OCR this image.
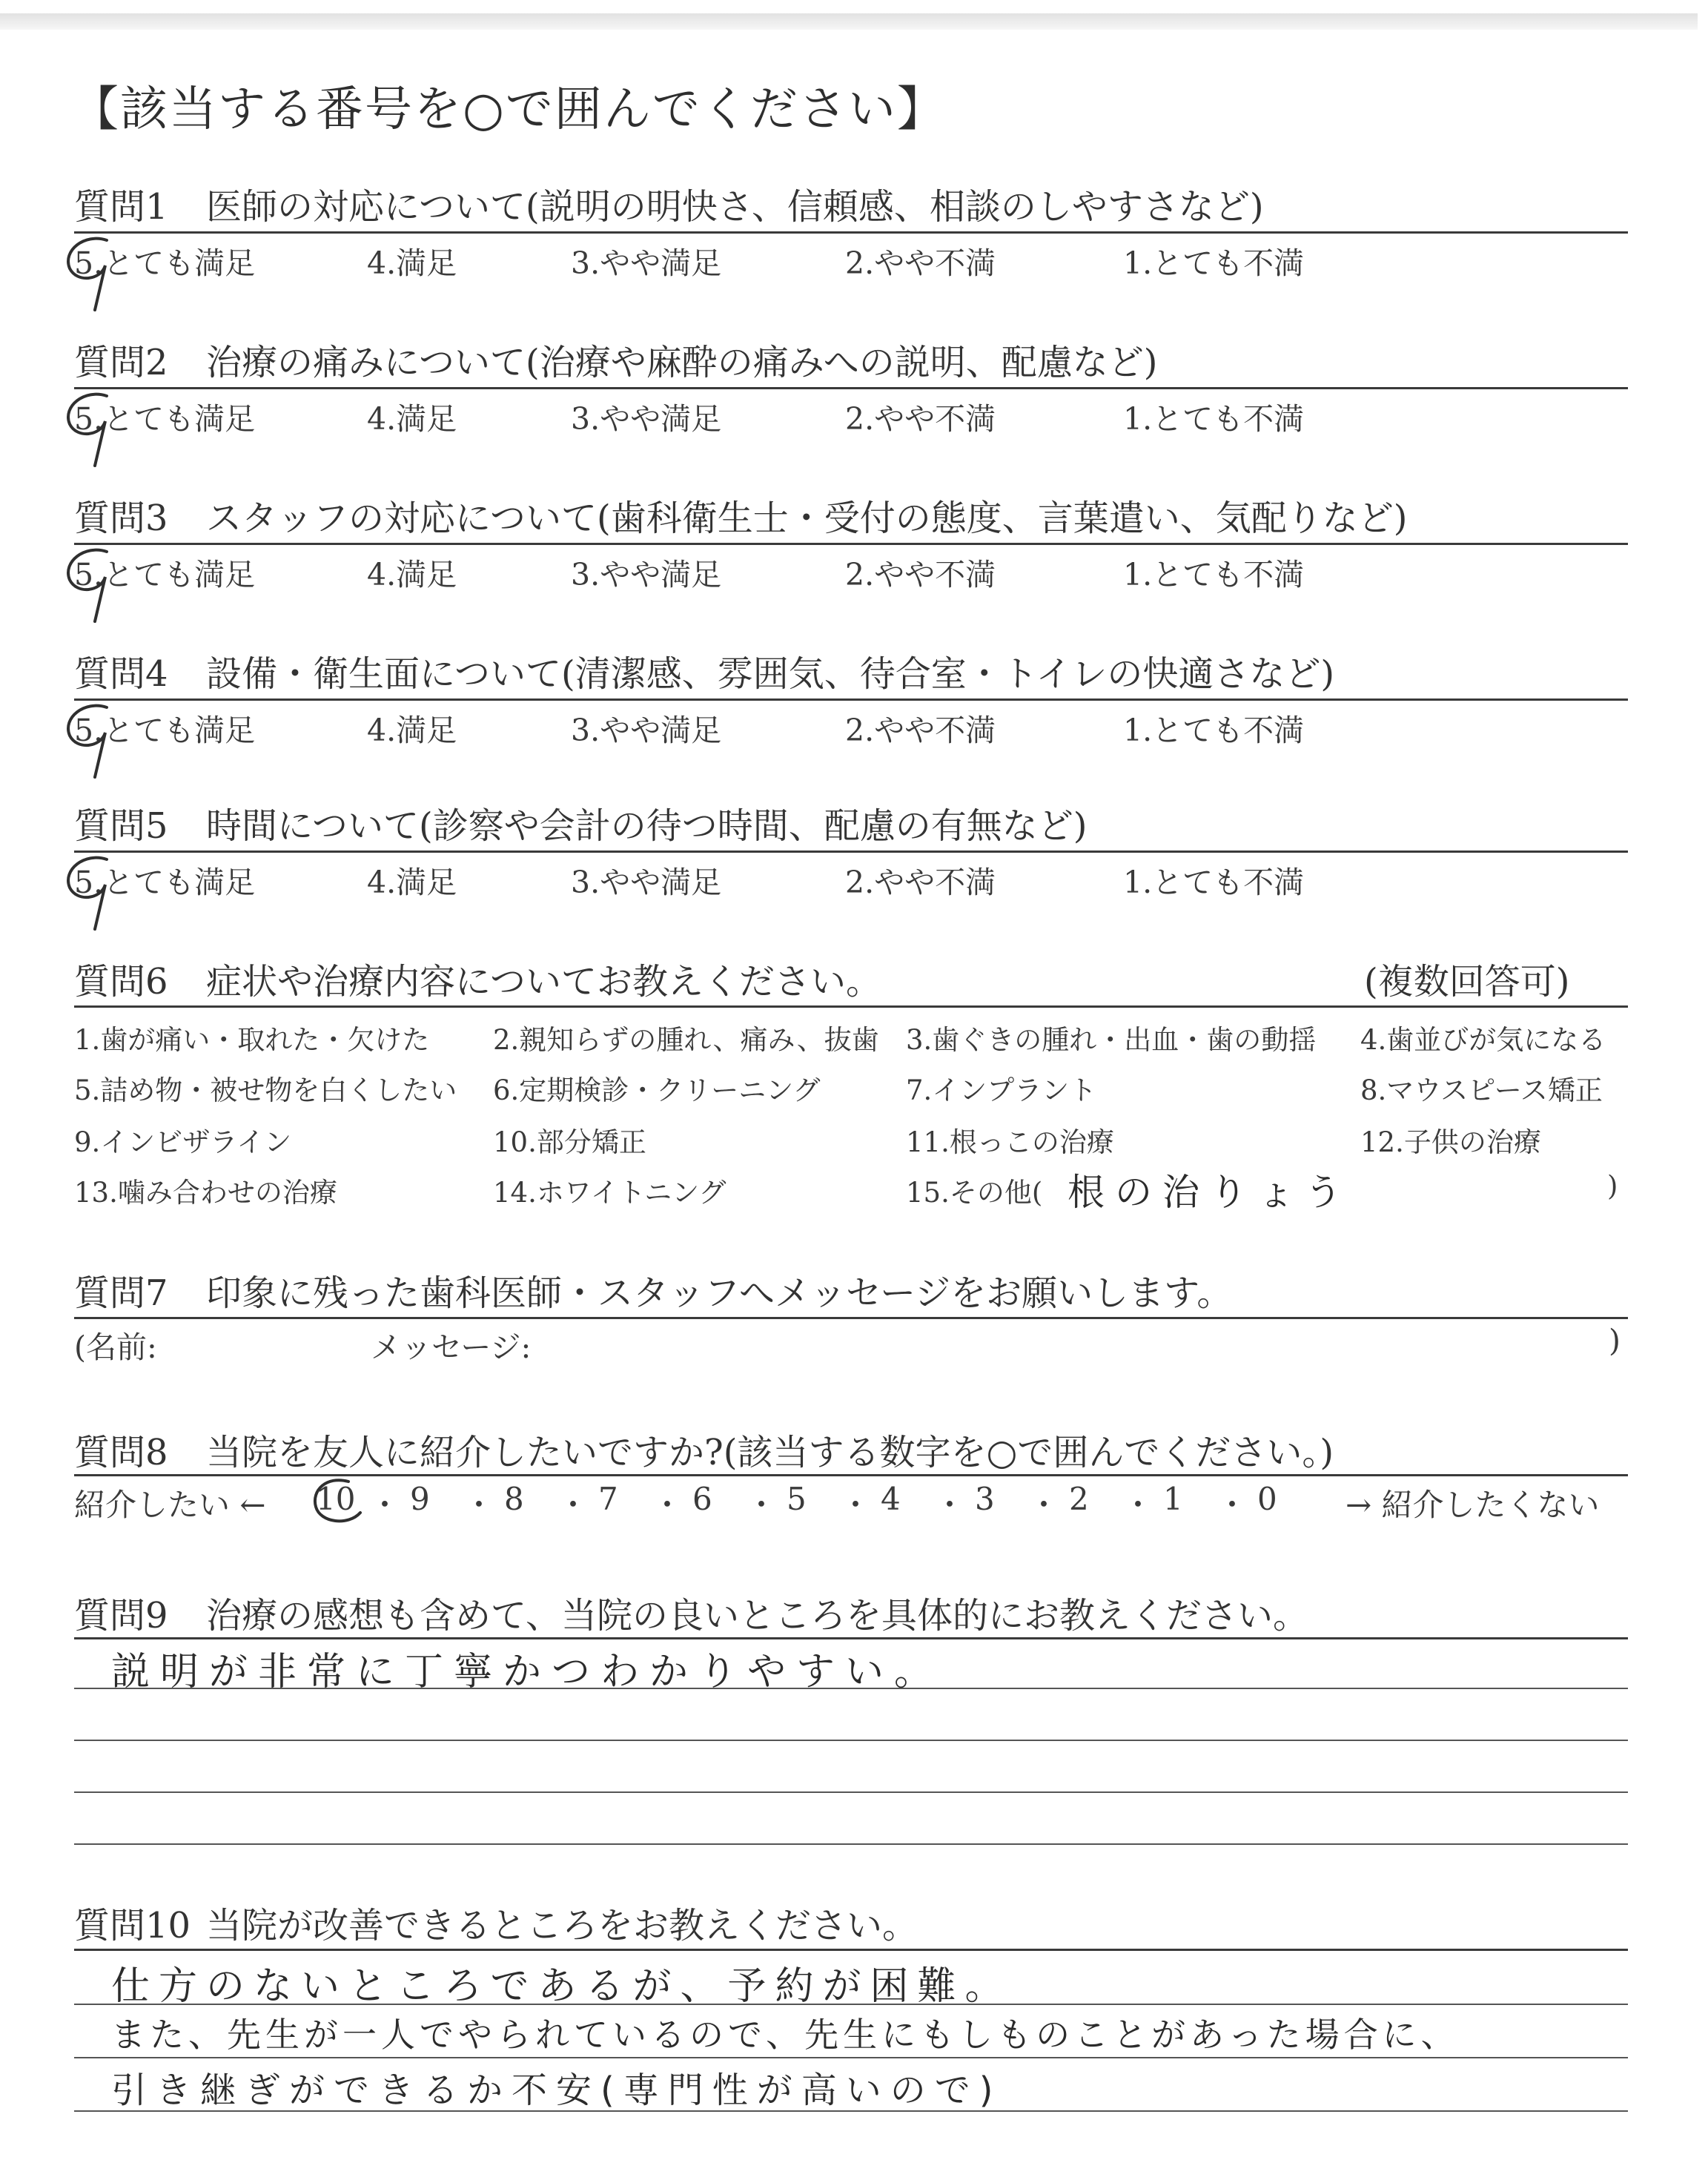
【該当する番号を○で囲んでください】
質問1 医師の対応について(説明の明快さ、信頼感、相談のしやすさなど)
5.とても満足	4.満足	3.やや満足	2.やや不満	1.とても不満
質問2 治療の痛みについて(治療や麻酔の痛みへの説明、配慮など)
5.とても満足	4.満足	3.やや満足	2.やや不満	1.とても不満
質問3 スタッフの対応について(歯科衛生士・受付の態度、言葉遣い、気配りなど)
5.とても満足	4.満足	3.やや満足	2.やや不満	1.とても不満
質問4 設備・衛生面について(清潔感、雰囲気、待合室・トイレの快適さなど)
5.とても満足	4.満足	3.やや満足	2.やや不満	1.とても不満
質問5 時間について(診察や会計の待つ時間、配慮の有無など)
5.とても満足	4.満足	3.やや満足	2.やや不満	1.とても不満
質問6 症状や治療内容についてお教えください。	(複数回答可)
1.歯が痛い・取れた・欠けた 2.親知らずの腫れ、痛み、抜歯 3.歯ぐきの腫れ・出血・歯の動揺 4.歯並びが気になる
5.詰め物・被せ物を白くしたい 6.定期検診・クリーニング	7.インプラント	8.マウスピース矯正
9.インビザライン	10.部分矯正	11.根っこの治療	12.子供の治療
13.噛み合わせの治療	14.ホワイトニング	15.その他(	)
根の治りょう
質問7 印象に残った歯科医師・スタッフへメッセージをお願いします。
(名前:	メッセージ:	)
質問8 当院を友人に紹介したいですか?(該当する数字を○で囲んでください。)
紹介したい ← 10 ・ 9 ・ 8 ・ 7 ・ 6 ・ 5 ・ 4 ・ 3 ・ 2 ・ 1 ・ 0 → 紹介したくない
質問9 治療の感想も含めて、当院の良いところを具体的にお教えください。
説明が非常に丁寧かつわかりやすい。
質問10 当院が改善できるところをお教えください。
仕方のないところであるが、予約が困難。
また、先生が一人でやられているので、先生にもしものことがあった場合に、
引き継ぎができるか不安(専門性が高いので)
